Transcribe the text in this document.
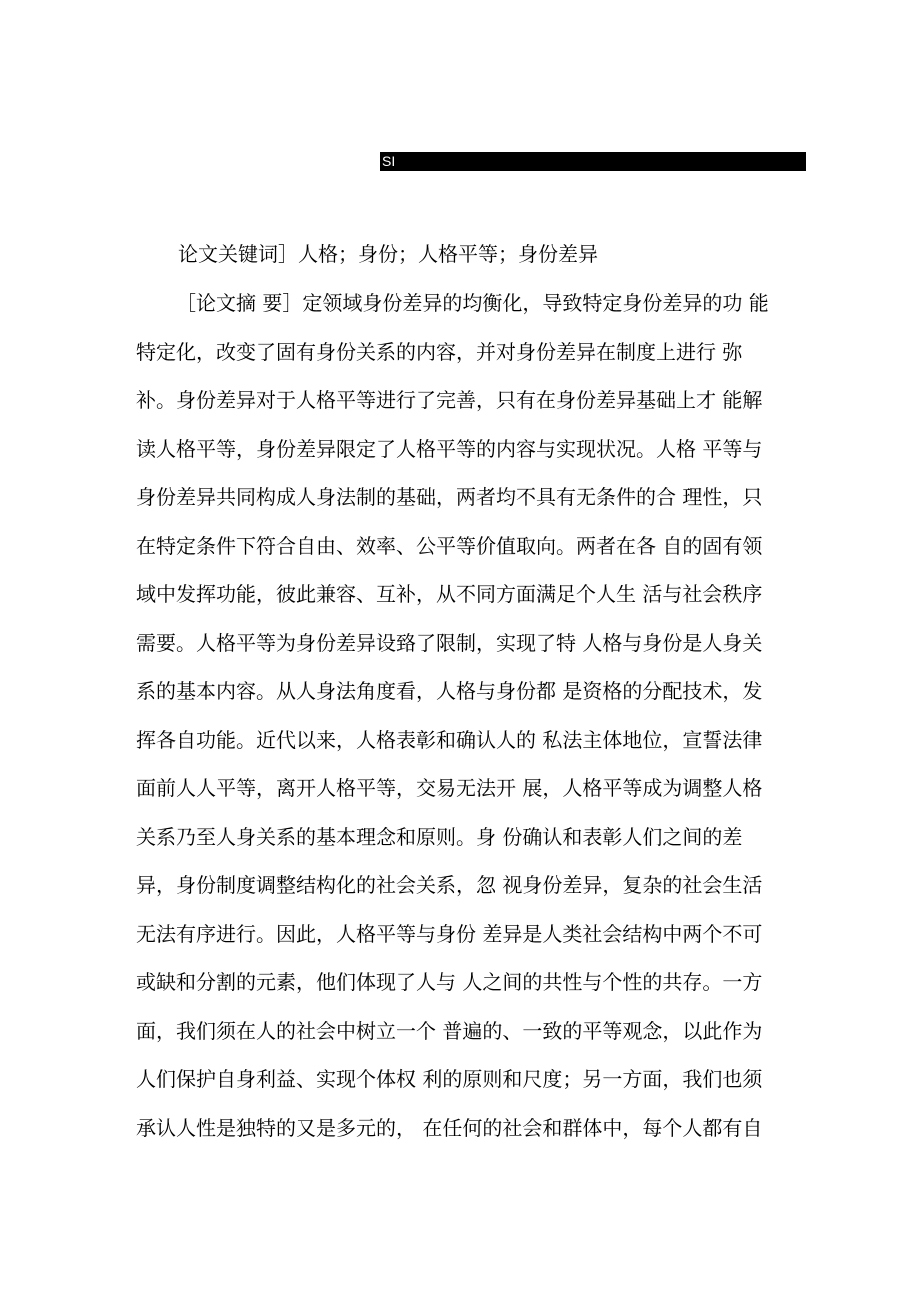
SI

论文关键词］人格；身份；人格平等；身份差异

［论文摘 要］定领域身份差异的均衡化，导致特定身份差异的功 能

特定化，改变了固有身份关系的内容，并对身份差异在制度上进行 弥

补。身份差异对于人格平等进行了完善，只有在身份差异基础上才 能解

读人格平等，身份差异限定了人格平等的内容与实现状况。人格 平等与

身份差异共同构成人身法制的基础，两者均不具有无条件的合 理性，只

在特定条件下符合自由、效率、公平等价值取向。两者在各 自的固有领

域中发挥功能，彼此兼容、互补，从不同方面满足个人生 活与社会秩序

需要。人格平等为身份差异设臵了限制，实现了特 人格与身份是人身关

系的基本内容。从人身法角度看，人格与身份都 是资格的分配技术，发

挥各自功能。近代以来，人格表彰和确认人的 私法主体地位，宣誓法律

面前人人平等，离开人格平等，交易无法开 展，人格平等成为调整人格

关系乃至人身关系的基本理念和原则。身 份确认和表彰人们之间的差

异，身份制度调整结构化的社会关系，忽 视身份差异，复杂的社会生活

无法有序进行。因此，人格平等与身份 差异是人类社会结构中两个不可

或缺和分割的元素，他们体现了人与 人之间的共性与个性的共存。一方

面，我们须在人的社会中树立一个 普遍的、一致的平等观念，以此作为

人们保护自身利益、实现个体权 利的原则和尺度；另一方面，我们也须

承认人性是独特的又是多元的， 在任何的社会和群体中，每个人都有自
